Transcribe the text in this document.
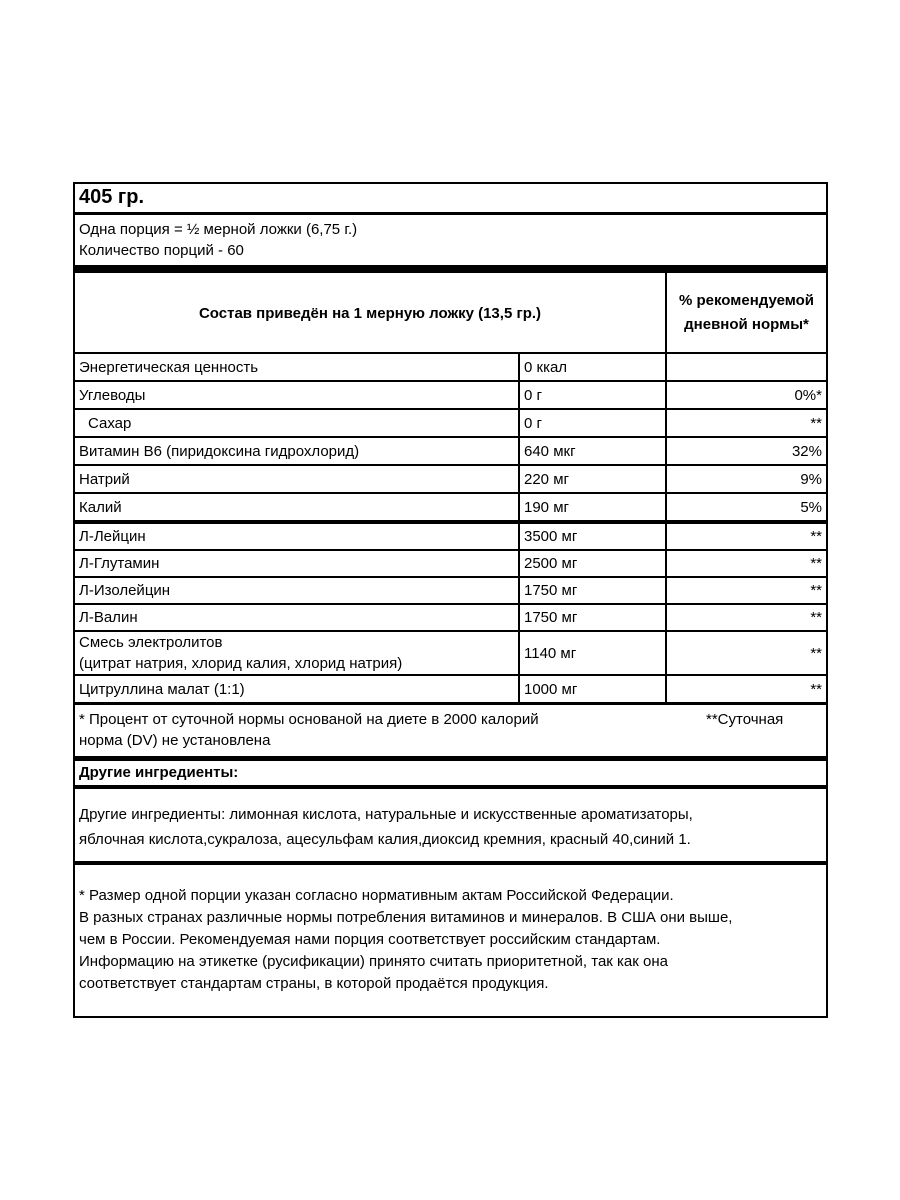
405 гр.
Одна порция = ½ мерной ложки (6,75 г.)
Количество порций - 60
Состав приведён на 1 мерную ложку (13,5 гр.)
% рекомендуемой
дневной нормы*
Энергетическая ценность	0 ккал
Углеводы	0 г	0%*
Сахар	0 г	**
Витамин В6 (пиридоксина гидрохлорид)	640 мкг	32%
Натрий	220 мг	9%
Калий	190 мг	5%
Л-Лейцин	3500 мг	**
Л-Глутамин	2500 мг	**
Л-Изолейцин	1750 мг	**
Л-Валин	1750 мг	**
Смесь электролитов
(цитрат натрия, хлорид калия, хлорид натрия)
1140 мг	**
Цитруллина малат (1:1)	1000 мг	**
* Процент от суточной нормы основаной на диете в 2000 калорий	**Суточная
норма (DV) не установлена
Другие ингредиенты:
Другие ингредиенты: лимонная кислота, натуральные и искусственные ароматизаторы,
яблочная кислота,сукралоза, ацесульфам калия,диоксид кремния, красный 40,синий 1.
* Размер одной порции указан согласно нормативным актам Российской Федерации.
В разных странах различные нормы потребления витаминов и минералов. В США они выше,
чем в России. Рекомендуемая нами порция соответствует российским стандартам.
Информацию на этикетке (русификации) принято считать приоритетной, так как она
соответствует стандартам страны, в которой продаётся продукция.
